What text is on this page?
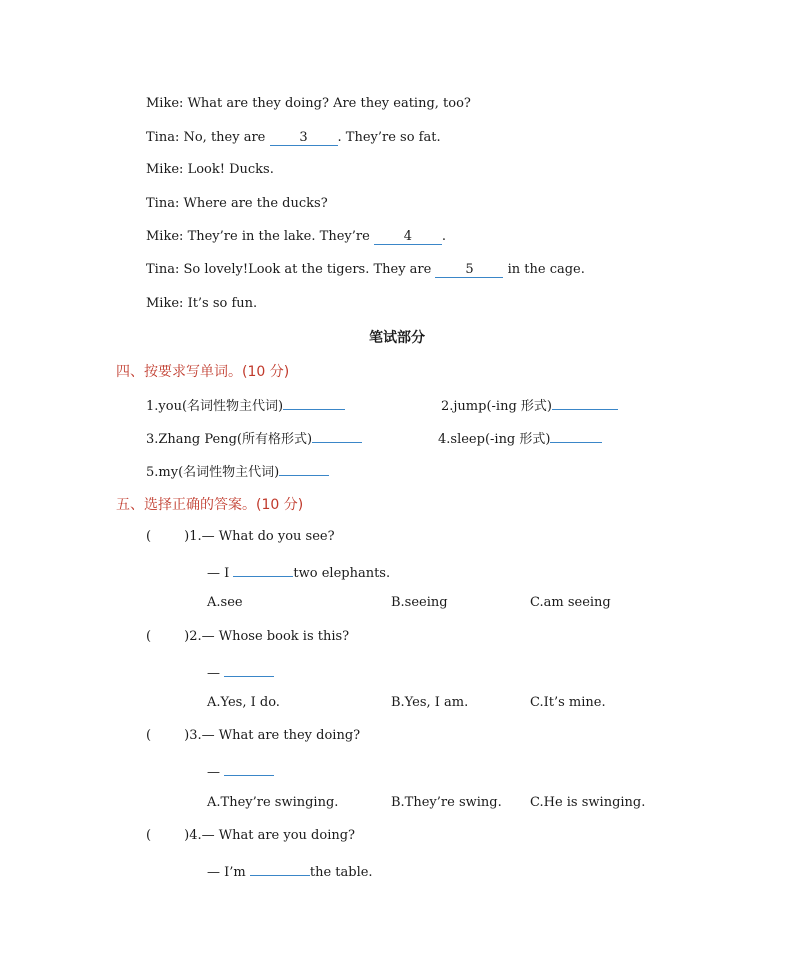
Mike: What are they doing? Are they eating, too?
Tina: No, they are 3 . They’re so fat.
Mike: Look! Ducks.
Tina: Where are the ducks?
Mike: They’re in the lake. They’re 4 .
Tina: So lovely!Look at the tigers. They are 5 in the cage.
Mike: It’s so fun.
笔试部分
四、按要求写单词。(10 分)
1.you(名词性物主代词)	2.jump(-ing 形式)
3.Zhang Peng(所有格形式)	4.sleep(-ing 形式)
5.my(名词性物主代词)
五、选择正确的答案。(10 分)
(        )1.— What do you see?
— I	two elephants.
A.see	B.seeing	C.am seeing
(        )2.— Whose book is this?
—
A.Yes, I do.	B.Yes, I am.	C.It’s mine.
(        )3.— What are they doing?
—
A.They’re swinging.	B.They’re swing. C.He is swinging.
(        )4.— What are you doing?
— I’m	the table.
